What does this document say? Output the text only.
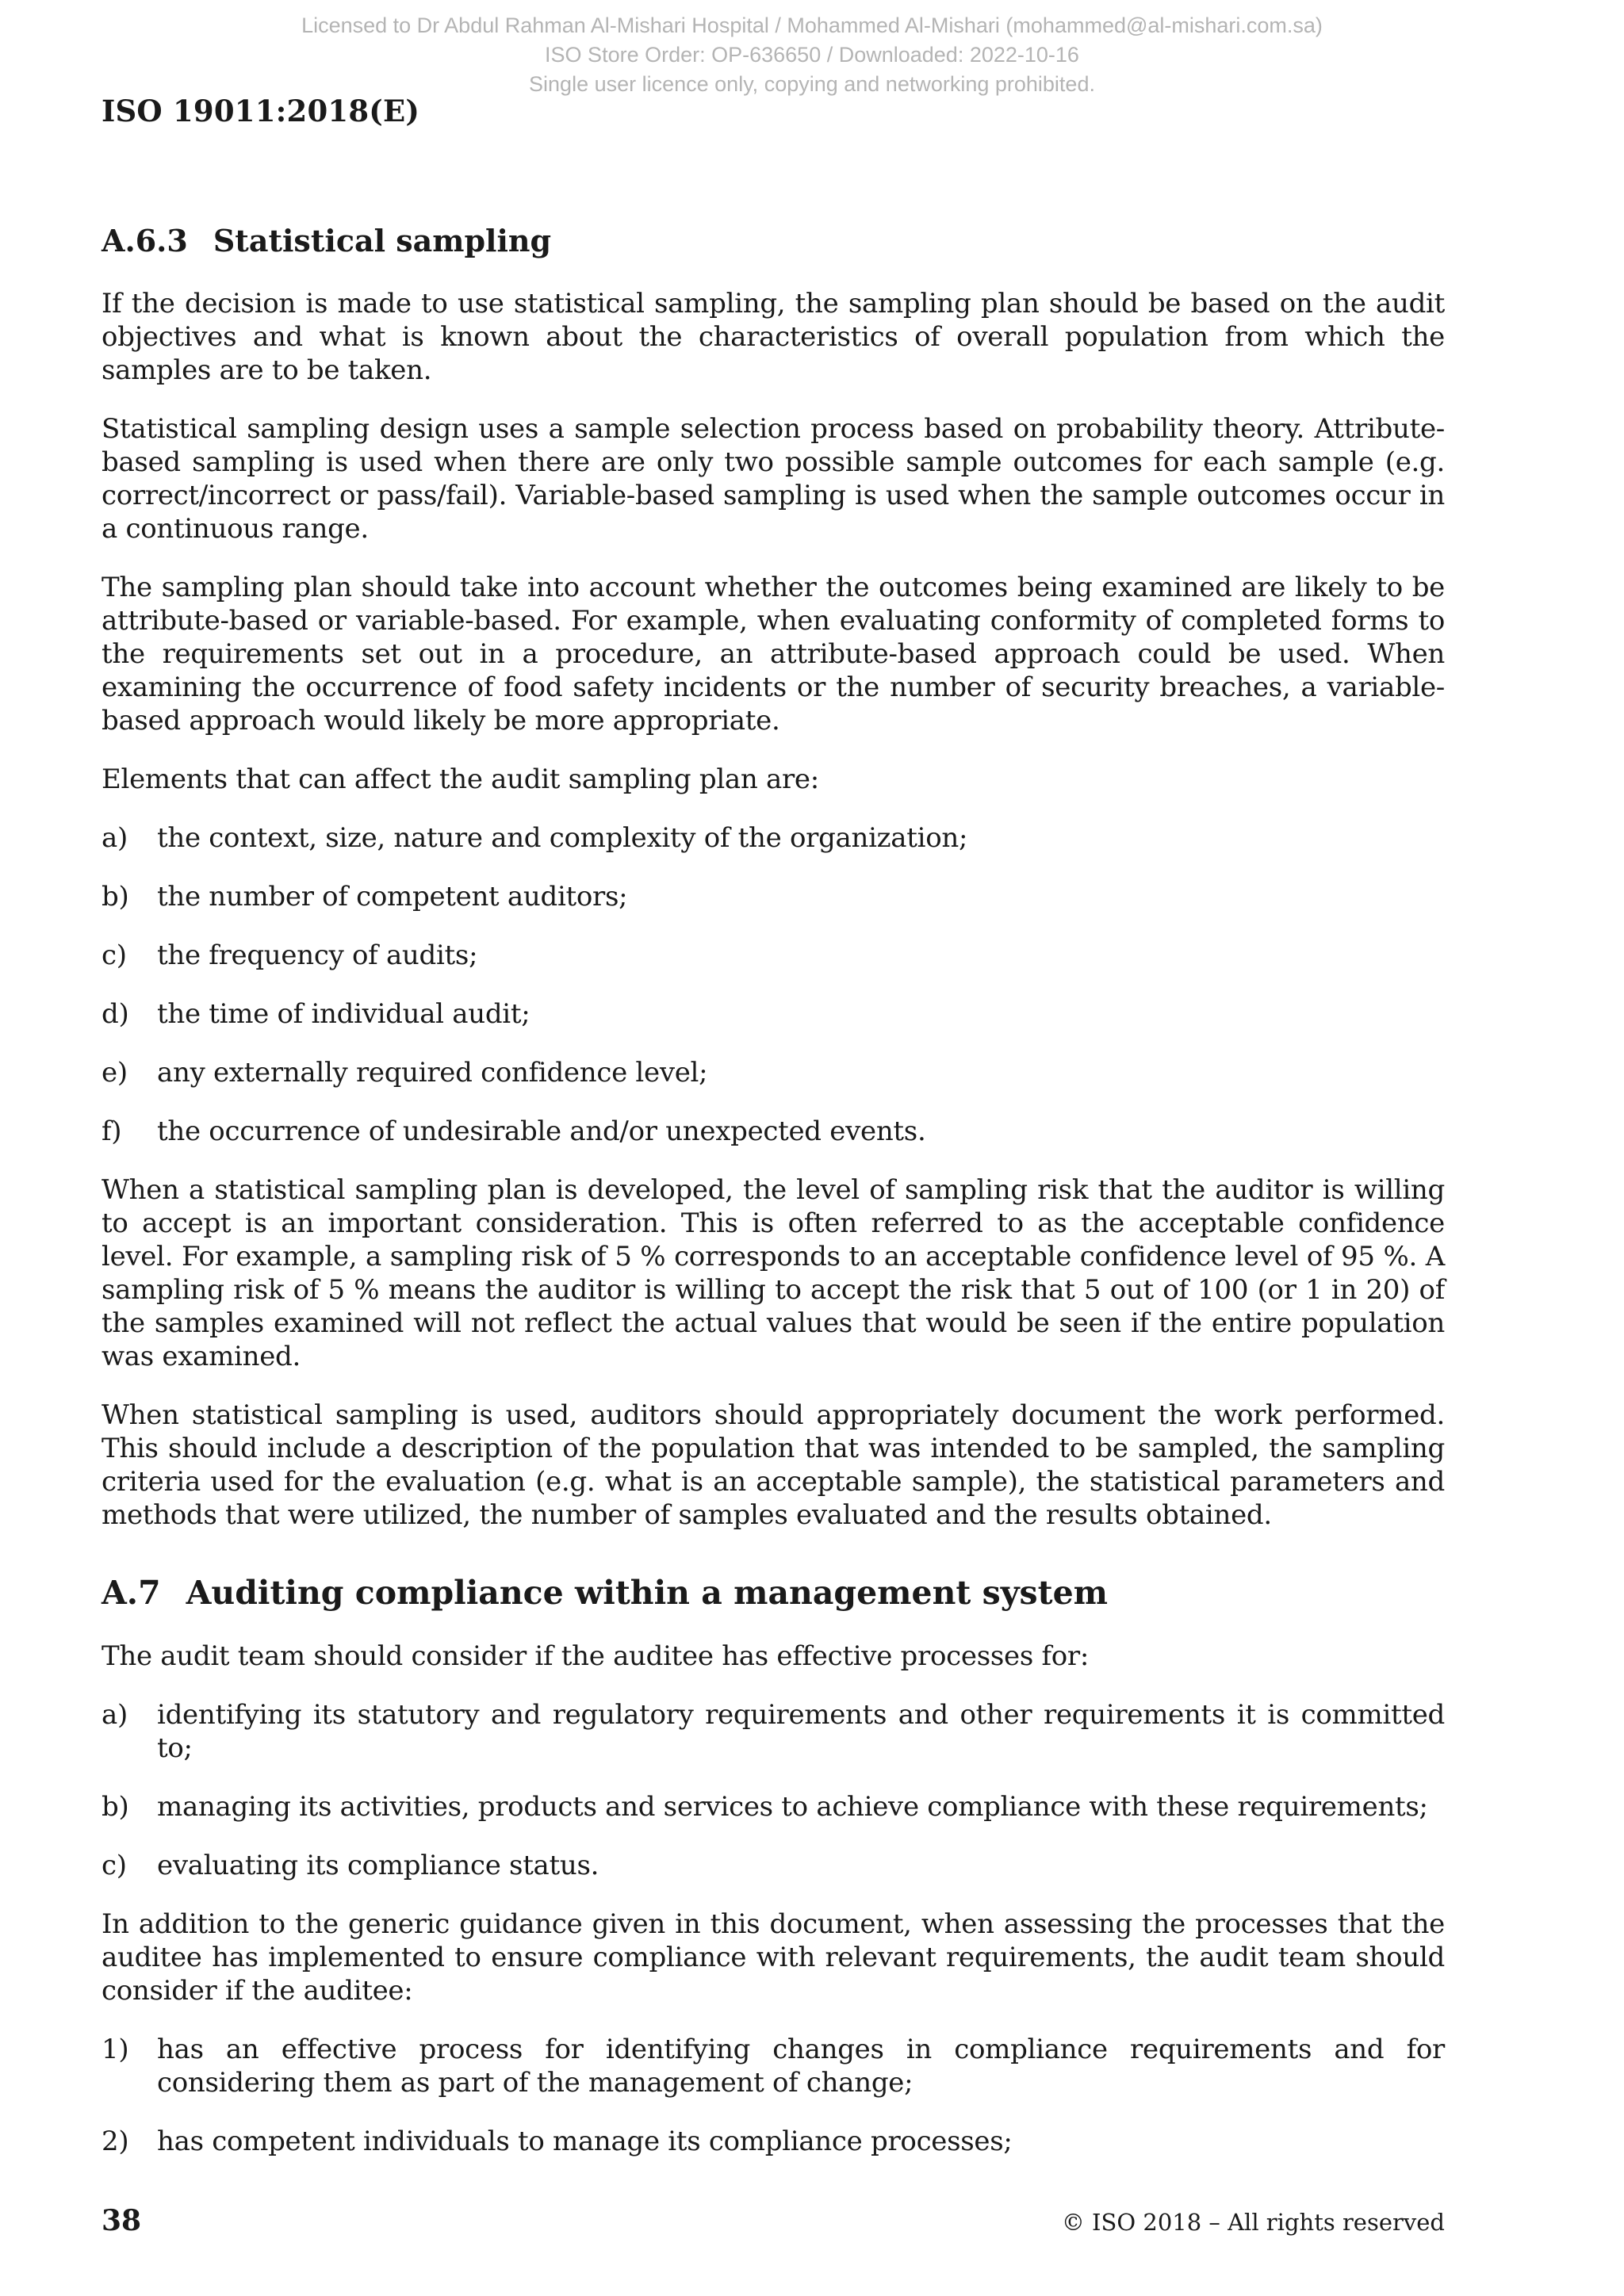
Licensed to Dr Abdul Rahman Al-Mishari Hospital / Mohammed Al-Mishari (mohammed@al-mishari.com.sa)
ISO Store Order: OP-636650 / Downloaded: 2022-10-16
Single user licence only, copying and networking prohibited.
ISO 19011:2018(E)
A.6.3 Statistical sampling

If the decision is made to use statistical sampling, the sampling plan should be based on the audit objectives and what is known about the characteristics of overall population from which the samples are to be taken.

Statistical sampling design uses a sample selection process based on probability theory. Attribute-based sampling is used when there are only two possible sample outcomes for each sample (e.g. correct/incorrect or pass/fail). Variable-based sampling is used when the sample outcomes occur in a continuous range.

The sampling plan should take into account whether the outcomes being examined are likely to be attribute-based or variable-based. For example, when evaluating conformity of completed forms to the requirements set out in a procedure, an attribute-based approach could be used. When examining the occurrence of food safety incidents or the number of security breaches, a variable-based approach would likely be more appropriate.

Elements that can affect the audit sampling plan are:

a) the context, size, nature and complexity of the organization;
b) the number of competent auditors;
c) the frequency of audits;
d) the time of individual audit;
e) any externally required confidence level;
f) the occurrence of undesirable and/or unexpected events.

When a statistical sampling plan is developed, the level of sampling risk that the auditor is willing to accept is an important consideration. This is often referred to as the acceptable confidence level. For example, a sampling risk of 5 % corresponds to an acceptable confidence level of 95 %. A sampling risk of 5 % means the auditor is willing to accept the risk that 5 out of 100 (or 1 in 20) of the samples examined will not reflect the actual values that would be seen if the entire population was examined.

When statistical sampling is used, auditors should appropriately document the work performed. This should include a description of the population that was intended to be sampled, the sampling criteria used for the evaluation (e.g. what is an acceptable sample), the statistical parameters and methods that were utilized, the number of samples evaluated and the results obtained.

A.7 Auditing compliance within a management system

The audit team should consider if the auditee has effective processes for:

a) identifying its statutory and regulatory requirements and other requirements it is committed to;
b) managing its activities, products and services to achieve compliance with these requirements;
c) evaluating its compliance status.

In addition to the generic guidance given in this document, when assessing the processes that the auditee has implemented to ensure compliance with relevant requirements, the audit team should consider if the auditee:

1) has an effective process for identifying changes in compliance requirements and for considering them as part of the management of change;
2) has competent individuals to manage its compliance processes;
38	© ISO 2018 – All rights reserved
